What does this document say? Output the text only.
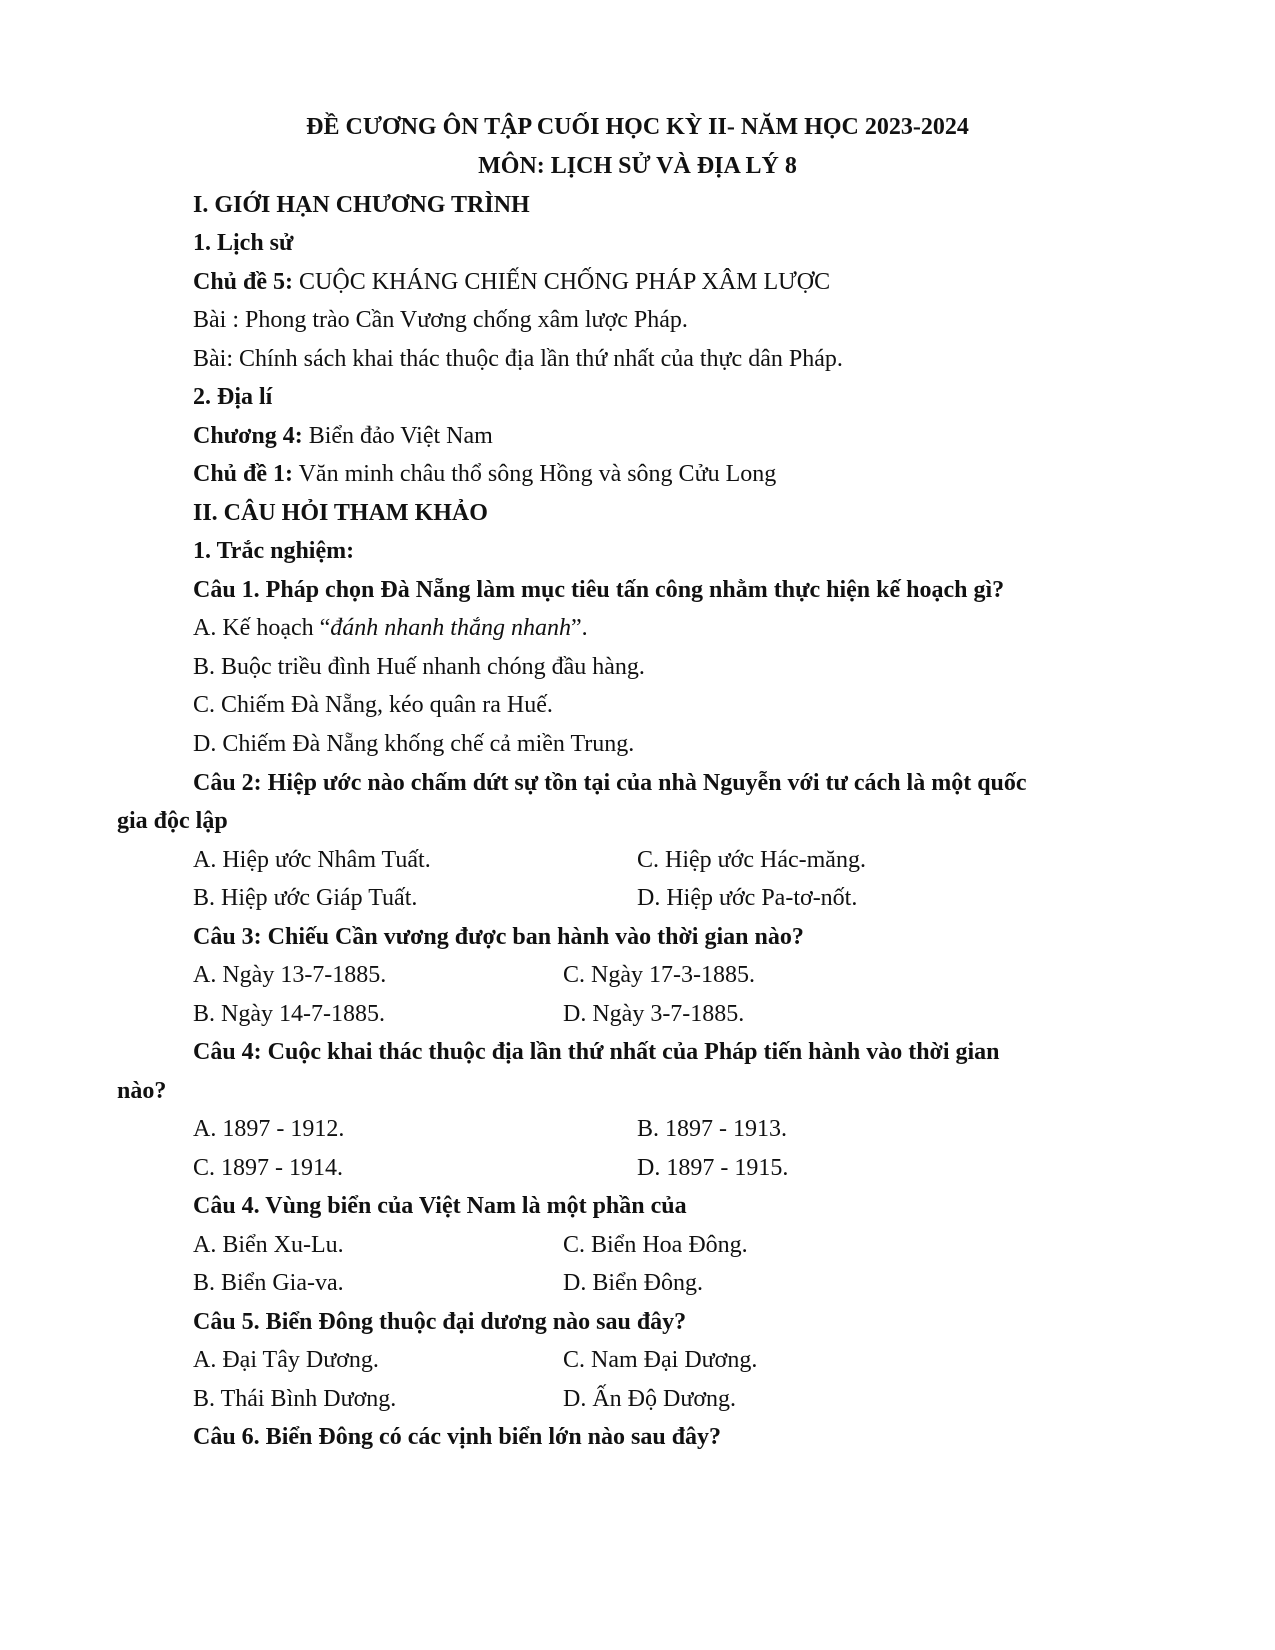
ĐỀ CƯƠNG ÔN TẬP CUỐI HỌC KỲ II- NĂM HỌC 2023-2024
MÔN: LỊCH SỬ VÀ ĐỊA LÝ 8
I. GIỚI HẠN CHƯƠNG TRÌNH
1. Lịch sử
Chủ đề 5: CUỘC KHÁNG CHIẾN CHỐNG PHÁP XÂM LƯỢC
Bài : Phong trào Cần Vương chống xâm lược Pháp.
Bài: Chính sách khai thác thuộc địa lần thứ nhất của thực dân Pháp.
2. Địa lí
Chương 4: Biển đảo Việt Nam
Chủ đề 1: Văn minh châu thổ sông Hồng và sông Cửu Long
II. CÂU HỎI THAM KHẢO
1. Trắc nghiệm:
Câu 1. Pháp chọn Đà Nẵng làm mục tiêu tấn công nhằm thực hiện kế hoạch gì?
A. Kế hoạch “đánh nhanh thắng nhanh”.
B. Buộc triều đình Huế nhanh chóng đầu hàng.
C. Chiếm Đà Nẵng, kéo quân ra Huế.
D. Chiếm Đà Nẵng khống chế cả miền Trung.
Câu 2: Hiệp ước nào chấm dứt sự tồn tại của nhà Nguyễn với tư cách là một quốc
gia độc lập
A. Hiệp ước Nhâm Tuất.	C. Hiệp ước Hác-măng.
B. Hiệp ước Giáp Tuất.	D. Hiệp ước Pa-tơ-nốt.
Câu 3: Chiếu Cần vương được ban hành vào thời gian nào?
A. Ngày 13-7-1885.	C. Ngày 17-3-1885.
B. Ngày 14-7-1885.	D. Ngày 3-7-1885.
Câu 4: Cuộc khai thác thuộc địa lần thứ nhất của Pháp tiến hành vào thời gian
nào?
A. 1897 - 1912.	B. 1897 - 1913.
C. 1897 - 1914.	D. 1897 - 1915.
Câu 4. Vùng biển của Việt Nam là một phần của
A. Biển Xu-Lu.	C. Biển Hoa Đông.
B. Biển Gia-va.	D. Biển Đông.
Câu 5. Biển Đông thuộc đại dương nào sau đây?
A. Đại Tây Dương.	C. Nam Đại Dương.
B. Thái Bình Dương.	D. Ấn Độ Dương.
Câu 6. Biển Đông có các vịnh biển lớn nào sau đây?
